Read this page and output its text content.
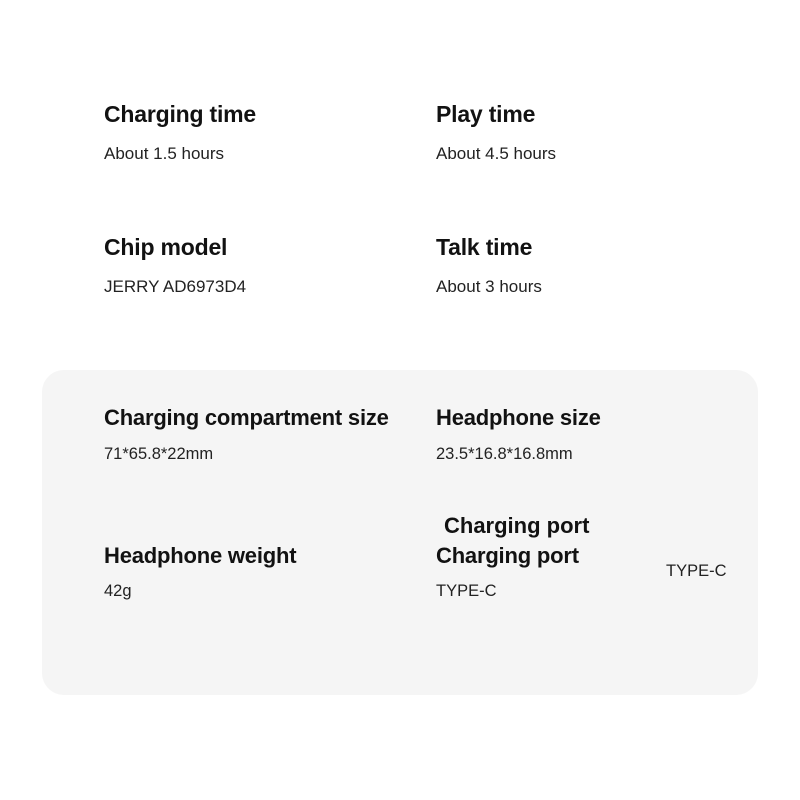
Charging time

About 1.5 hours

Play time

About 4.5 hours

Chip model

JERRY AD6973D4

Talk time

About 3 hours

Charging compartment size

71*65.8*22mm

Headphone size

23.5*16.8*16.8mm

Headphone weight

42g

Charging port

TYPE-C

Charging port
TYPE-C
